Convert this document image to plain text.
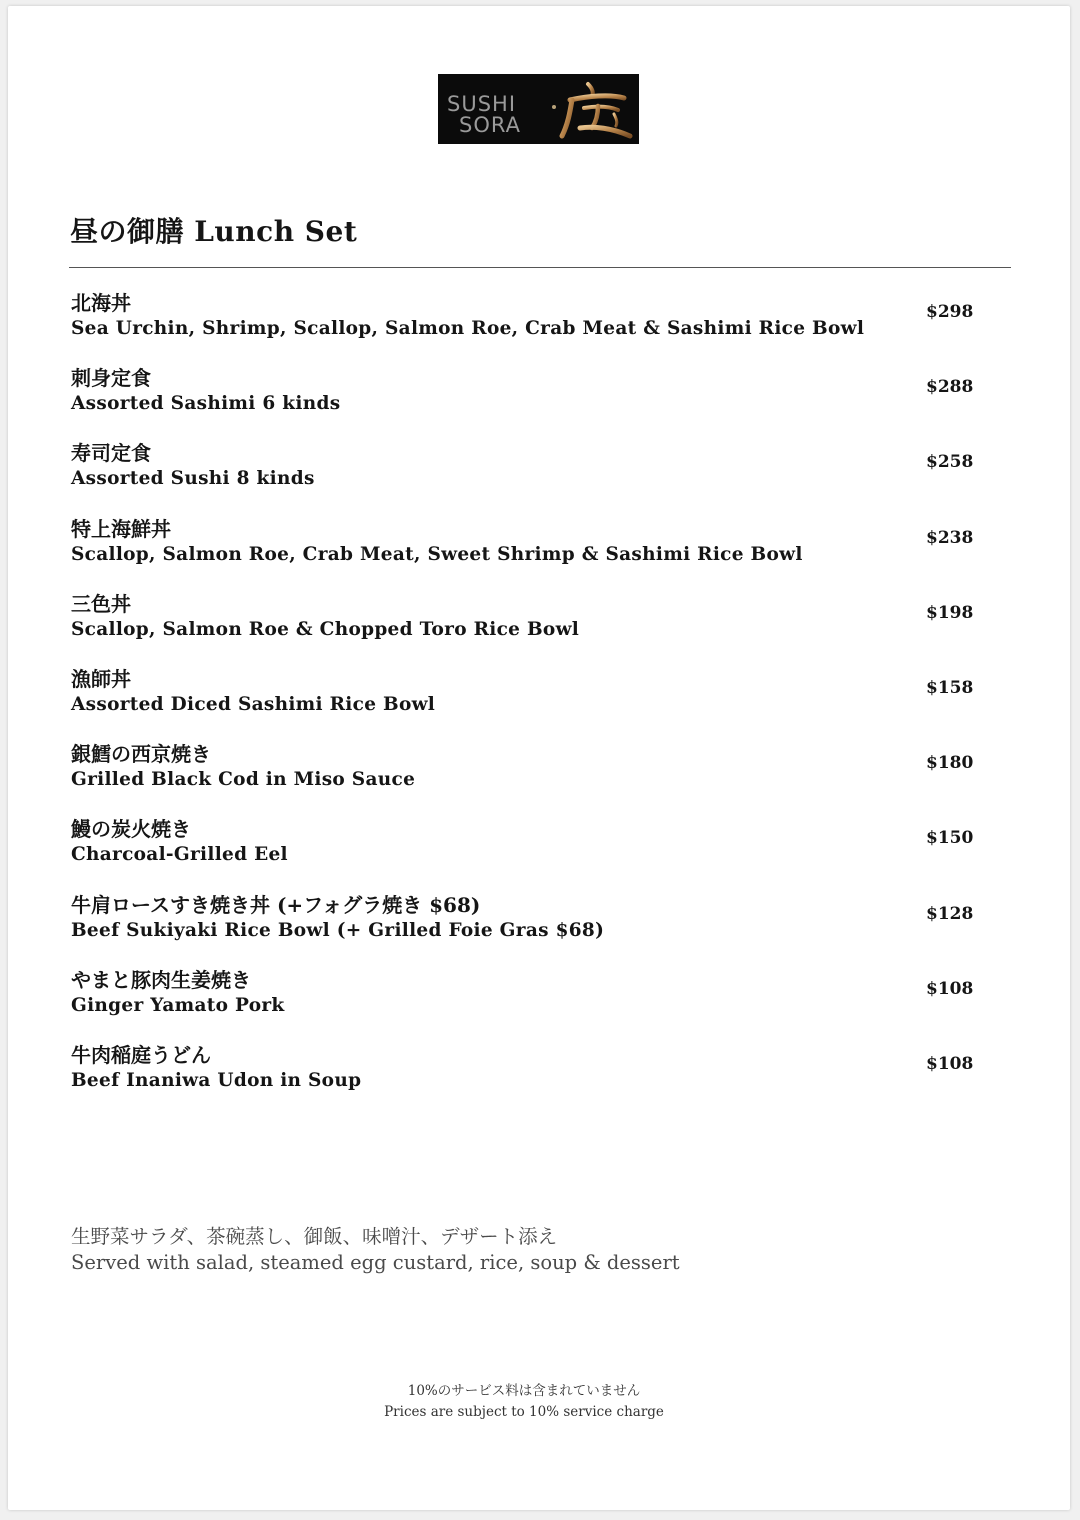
SUSHI
SORA
昼の御膳 Lunch Set
北海丼
Sea Urchin, Shrimp, Scallop, Salmon Roe, Crab Meat & Sashimi Rice Bowl
$298
刺身定食
Assorted Sashimi 6 kinds
$288
寿司定食
Assorted Sushi 8 kinds
$258
特上海鮮丼
Scallop, Salmon Roe, Crab Meat, Sweet Shrimp & Sashimi Rice Bowl
$238
三色丼
Scallop, Salmon Roe & Chopped Toro Rice Bowl
$198
漁師丼
Assorted Diced Sashimi Rice Bowl
$158
銀鱈の西京焼き
Grilled Black Cod in Miso Sauce
$180
鰻の炭火焼き
Charcoal-Grilled Eel
$150
牛肩ロースすき焼き丼 (+フォグラ焼き $68)
Beef Sukiyaki Rice Bowl (+ Grilled Foie Gras $68)
$128
やまと豚肉生姜焼き
Ginger Yamato Pork
$108
牛肉稲庭うどん
Beef Inaniwa Udon in Soup
$108
生野菜サラダ、茶碗蒸し、御飯、味噌汁、デザート添え
Served with salad, steamed egg custard, rice, soup & dessert
10%のサービス料は含まれていません
Prices are subject to 10% service charge
